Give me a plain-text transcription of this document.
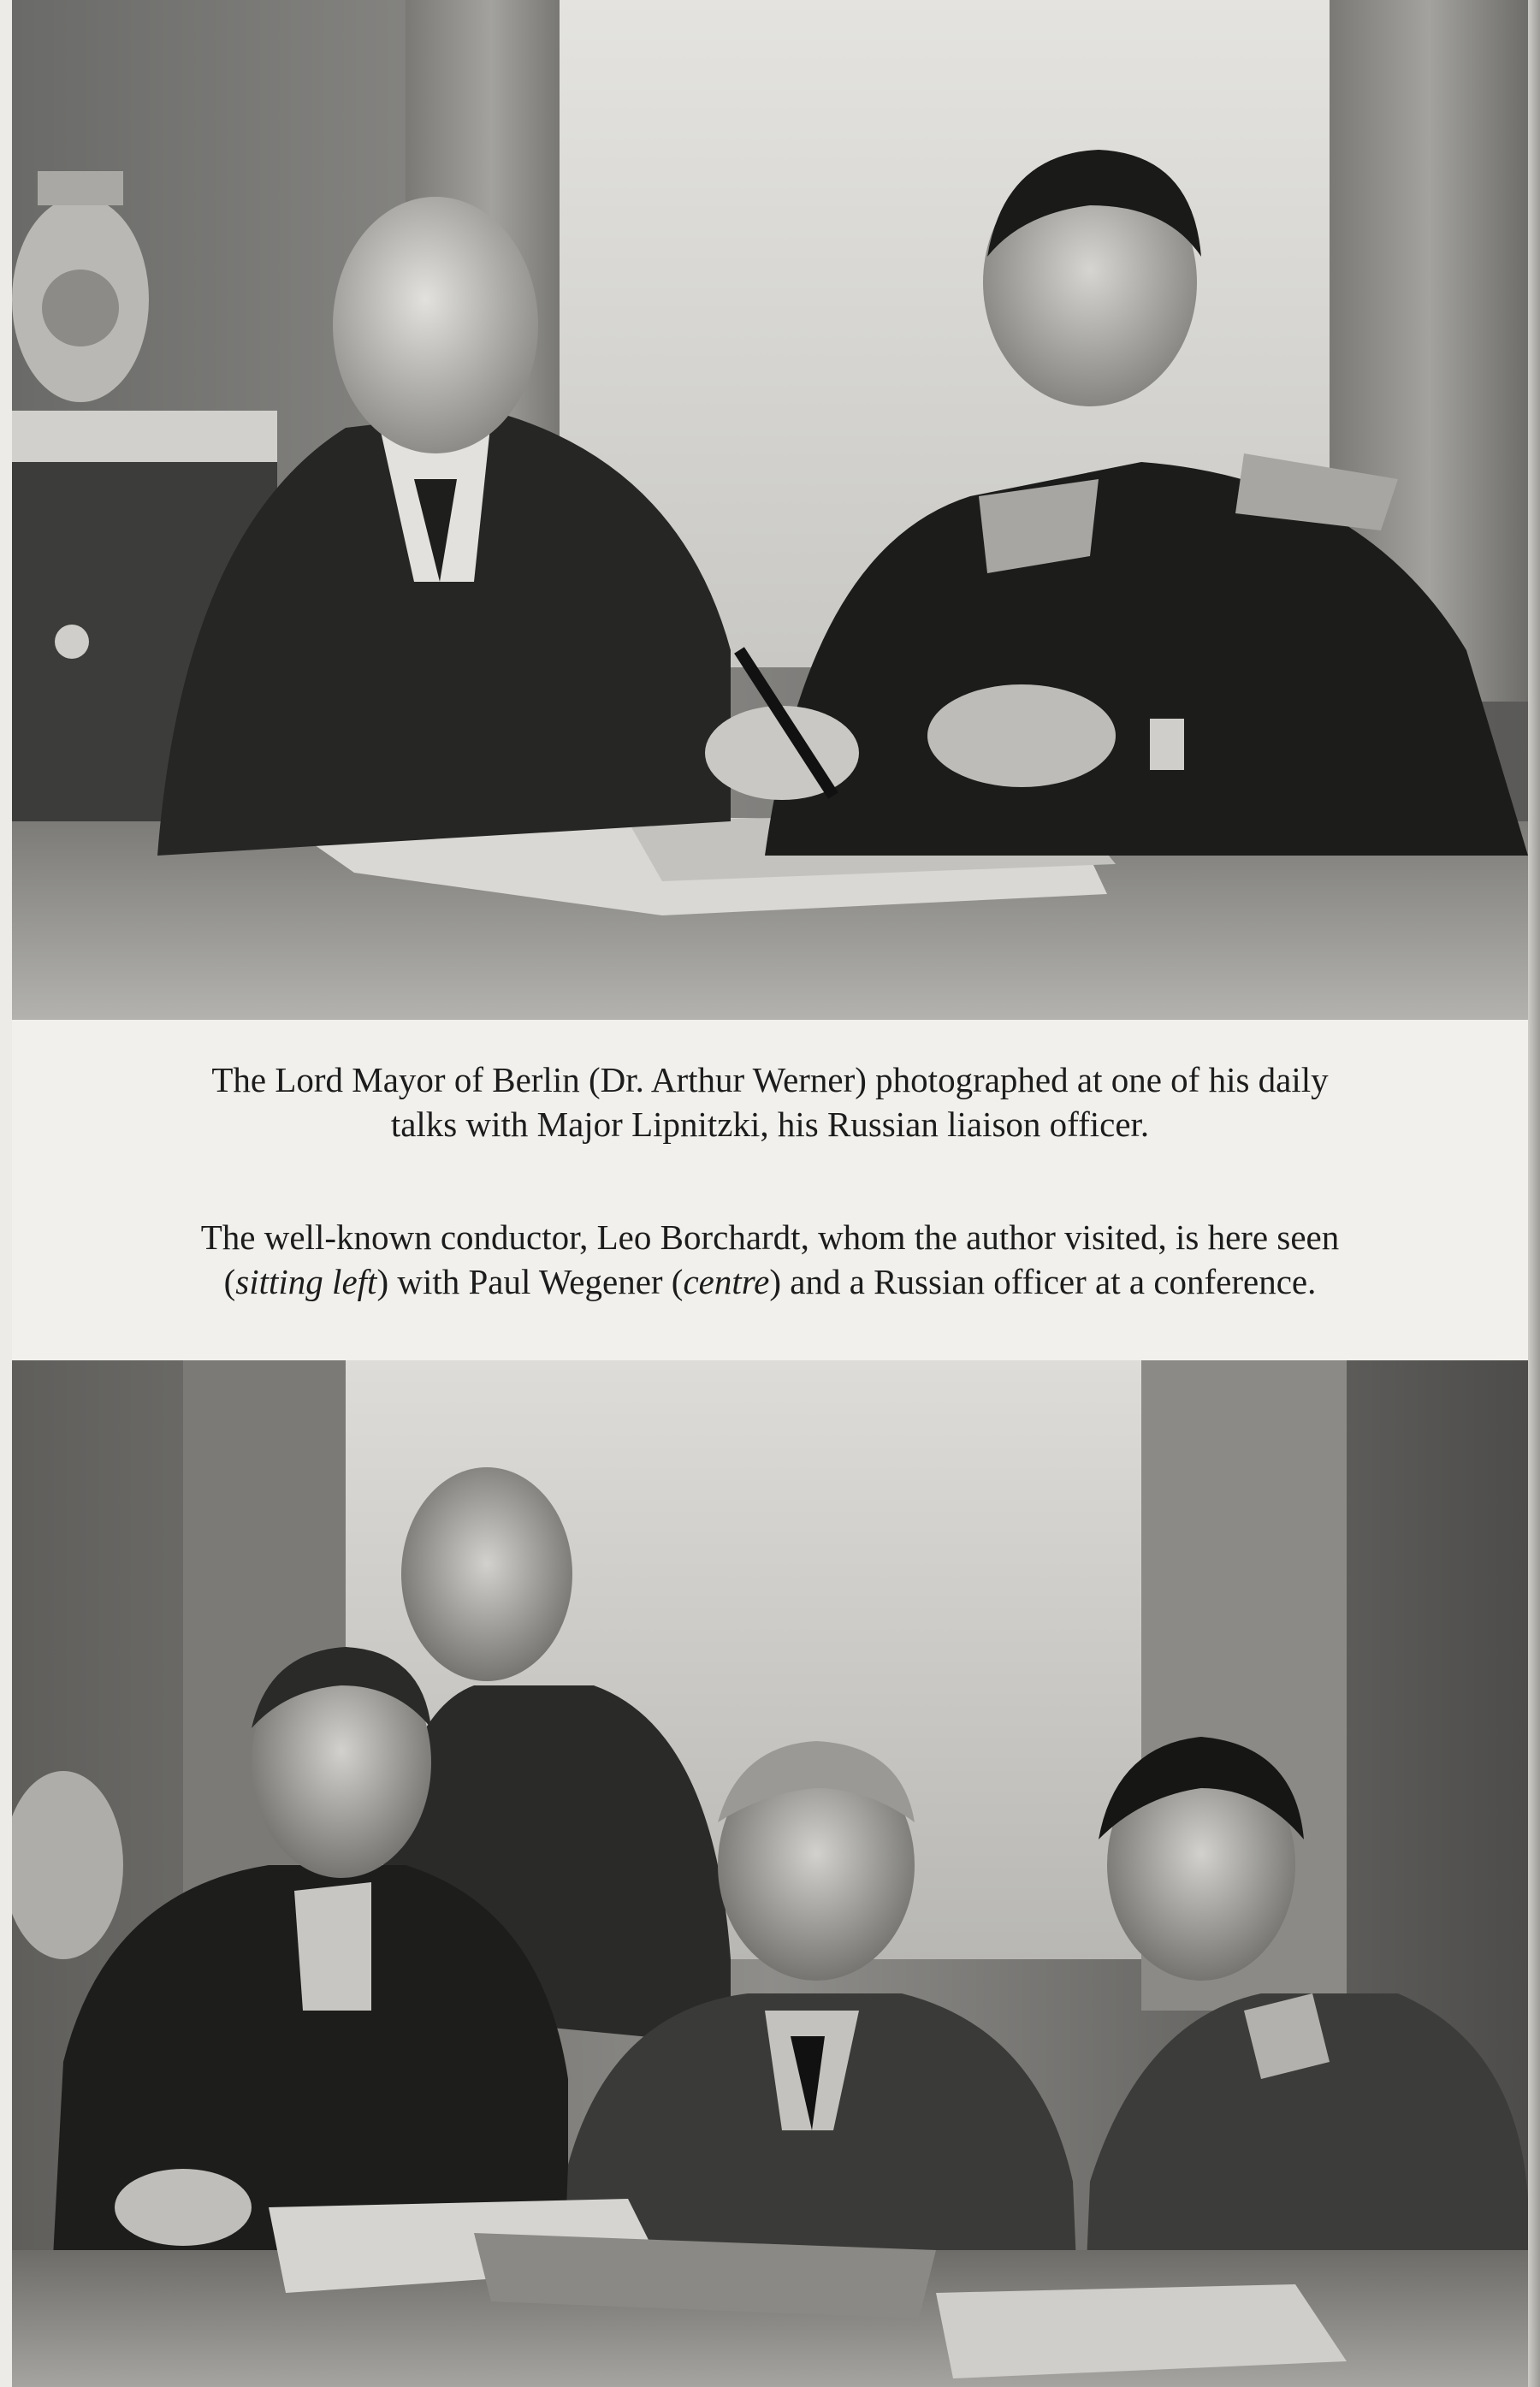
The Lord Mayor of Berlin (Dr. Arthur Werner) photographed at one of his daily
talks with Major Lipnitzki, his Russian liaison officer.
The well-known conductor, Leo Borchardt, whom the author visited, is here seen
(sitting left) with Paul Wegener (centre) and a Russian officer at a conference.
